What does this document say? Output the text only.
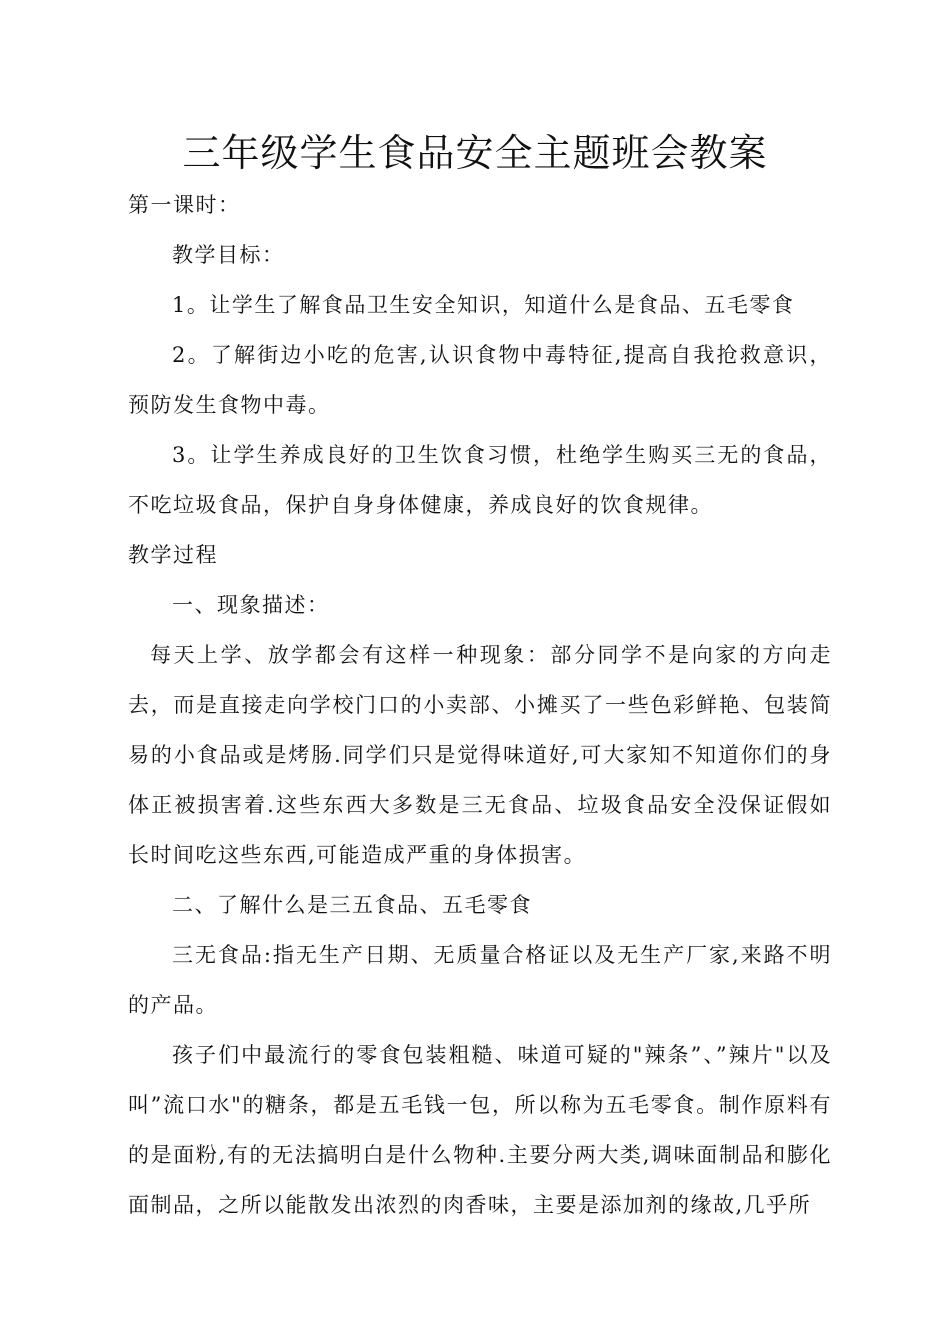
三年级学生食品安全主题班会教案

第一课时：

教学目标：

1。让学生了解食品卫生安全知识，知道什么是食品、五毛零食

2。了解街边小吃的危害,认识食物中毒特征,提高自我抢救意识，预防发生食物中毒。

3。让学生养成良好的卫生饮食习惯，杜绝学生购买三无的食品，不吃垃圾食品，保护自身身体健康，养成良好的饮食规律。

教学过程

一、现象描述：

每天上学、放学都会有这样一种现象：部分同学不是向家的方向走去，而是直接走向学校门口的小卖部、小摊买了一些色彩鲜艳、包装简易的小食品或是烤肠.同学们只是觉得味道好,可大家知不知道你们的身体正被损害着.这些东西大多数是三无食品、垃圾食品安全没保证假如长时间吃这些东西,可能造成严重的身体损害。

二、了解什么是三五食品、五毛零食

三无食品:指无生产日期、无质量合格证以及无生产厂家,来路不明的产品。

孩子们中最流行的零食包装粗糙、味道可疑的"辣条”、”辣片"以及叫”流口水"的糖条，都是五毛钱一包，所以称为五毛零食。制作原料有的是面粉,有的无法搞明白是什么物种.主要分两大类,调味面制品和膨化面制品，之所以能散发出浓烈的肉香味，主要是添加剂的缘故,几乎所
